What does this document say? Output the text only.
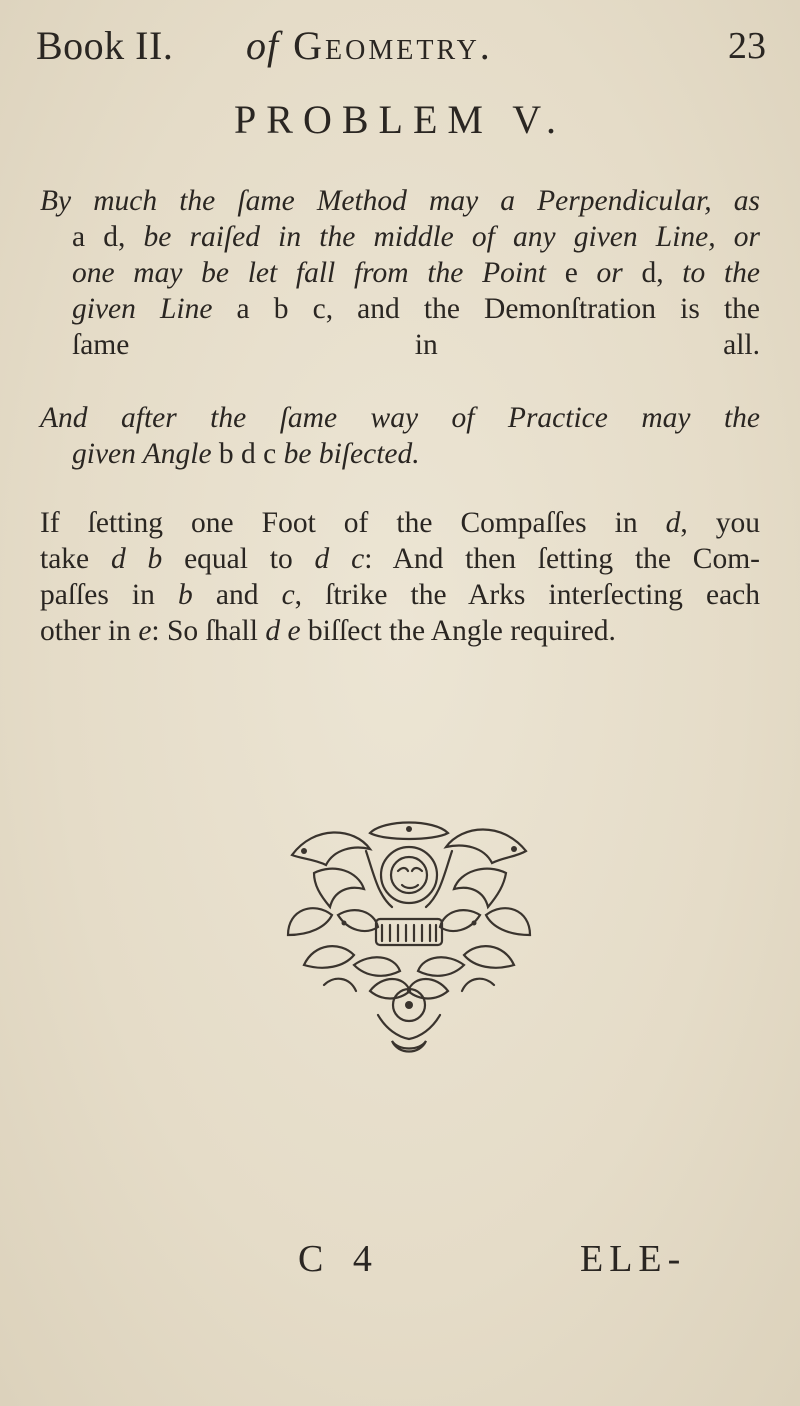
Book II. of Geometry.	23
PROBLEM V.
By much the ſame Method may a Perpendicular, as
a d, be raiſed in the middle of any given Line, or
one may be let fall from the Point e or d, to the
given Line a b c, and the Demonſtration is the
ſame in all.
And after the ſame way of Practice may the
given Angle b d c be biſected.
If ſetting one Foot of the Compaſſes in d, you
take d b equal to d c: And then ſetting the Com-
paſſes in b and c, ſtrike the Arks interſecting each
other in e: So ſhall d e biſſect the Angle required.
C 4	ELE-
